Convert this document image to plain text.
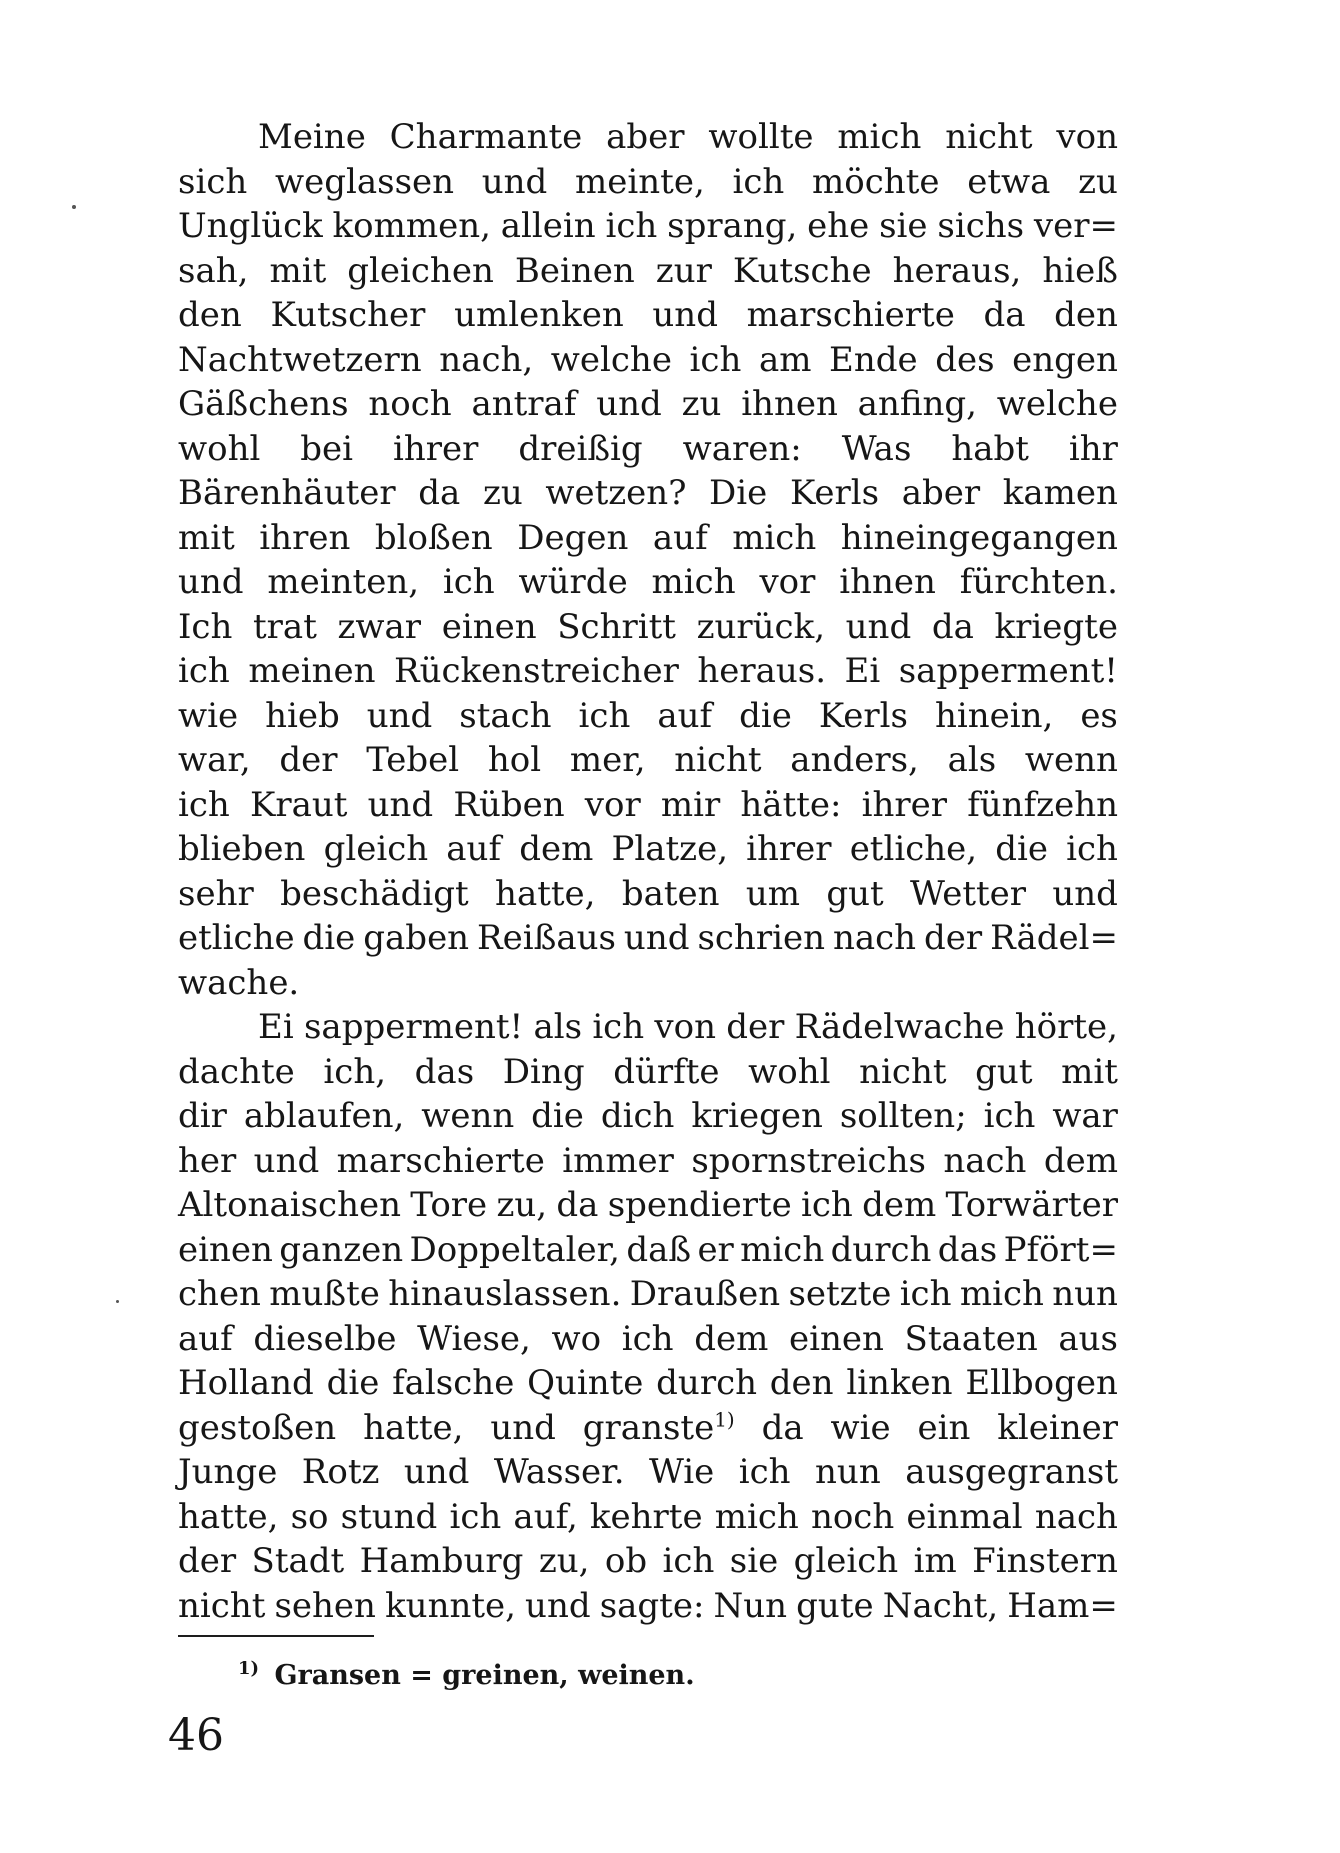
Meine Charmante aber wollte mich nicht von
sich weglassen und meinte, ich möchte etwa zu
Unglück kommen, allein ich sprang, ehe sie sichs ver=
sah, mit gleichen Beinen zur Kutsche heraus, hieß
den Kutscher umlenken und marschierte da den
Nachtwetzern nach, welche ich am Ende des engen
Gäßchens noch antraf und zu ihnen anfing, welche
wohl bei ihrer dreißig waren: Was habt ihr
Bärenhäuter da zu wetzen? Die Kerls aber kamen
mit ihren bloßen Degen auf mich hineingegangen
und meinten, ich würde mich vor ihnen fürchten.
Ich trat zwar einen Schritt zurück, und da kriegte
ich meinen Rückenstreicher heraus. Ei sapperment!
wie hieb und stach ich auf die Kerls hinein, es
war, der Tebel hol mer, nicht anders, als wenn
ich Kraut und Rüben vor mir hätte: ihrer fünfzehn
blieben gleich auf dem Platze, ihrer etliche, die ich
sehr beschädigt hatte, baten um gut Wetter und
etliche die gaben Reißaus und schrien nach der Rädel=
wache.
Ei sapperment! als ich von der Rädelwache hörte,
dachte ich, das Ding dürfte wohl nicht gut mit
dir ablaufen, wenn die dich kriegen sollten; ich war
her und marschierte immer spornstreichs nach dem
Altonaischen Tore zu, da spendierte ich dem Torwärter
einen ganzen Doppeltaler, daß er mich durch das Pfört=
chen mußte hinauslassen. Draußen setzte ich mich nun
auf dieselbe Wiese, wo ich dem einen Staaten aus
Holland die falsche Quinte durch den linken Ellbogen
gestoßen hatte, und granste$^{1)}$ da wie ein kleiner
Junge Rotz und Wasser. Wie ich nun ausgegranst
hatte, so stund ich auf, kehrte mich noch einmal nach
der Stadt Hamburg zu, ob ich sie gleich im Finstern
nicht sehen kunnte, und sagte: Nun gute Nacht, Ham=
$^{1)}$ Gransen = greinen, weinen.
46
